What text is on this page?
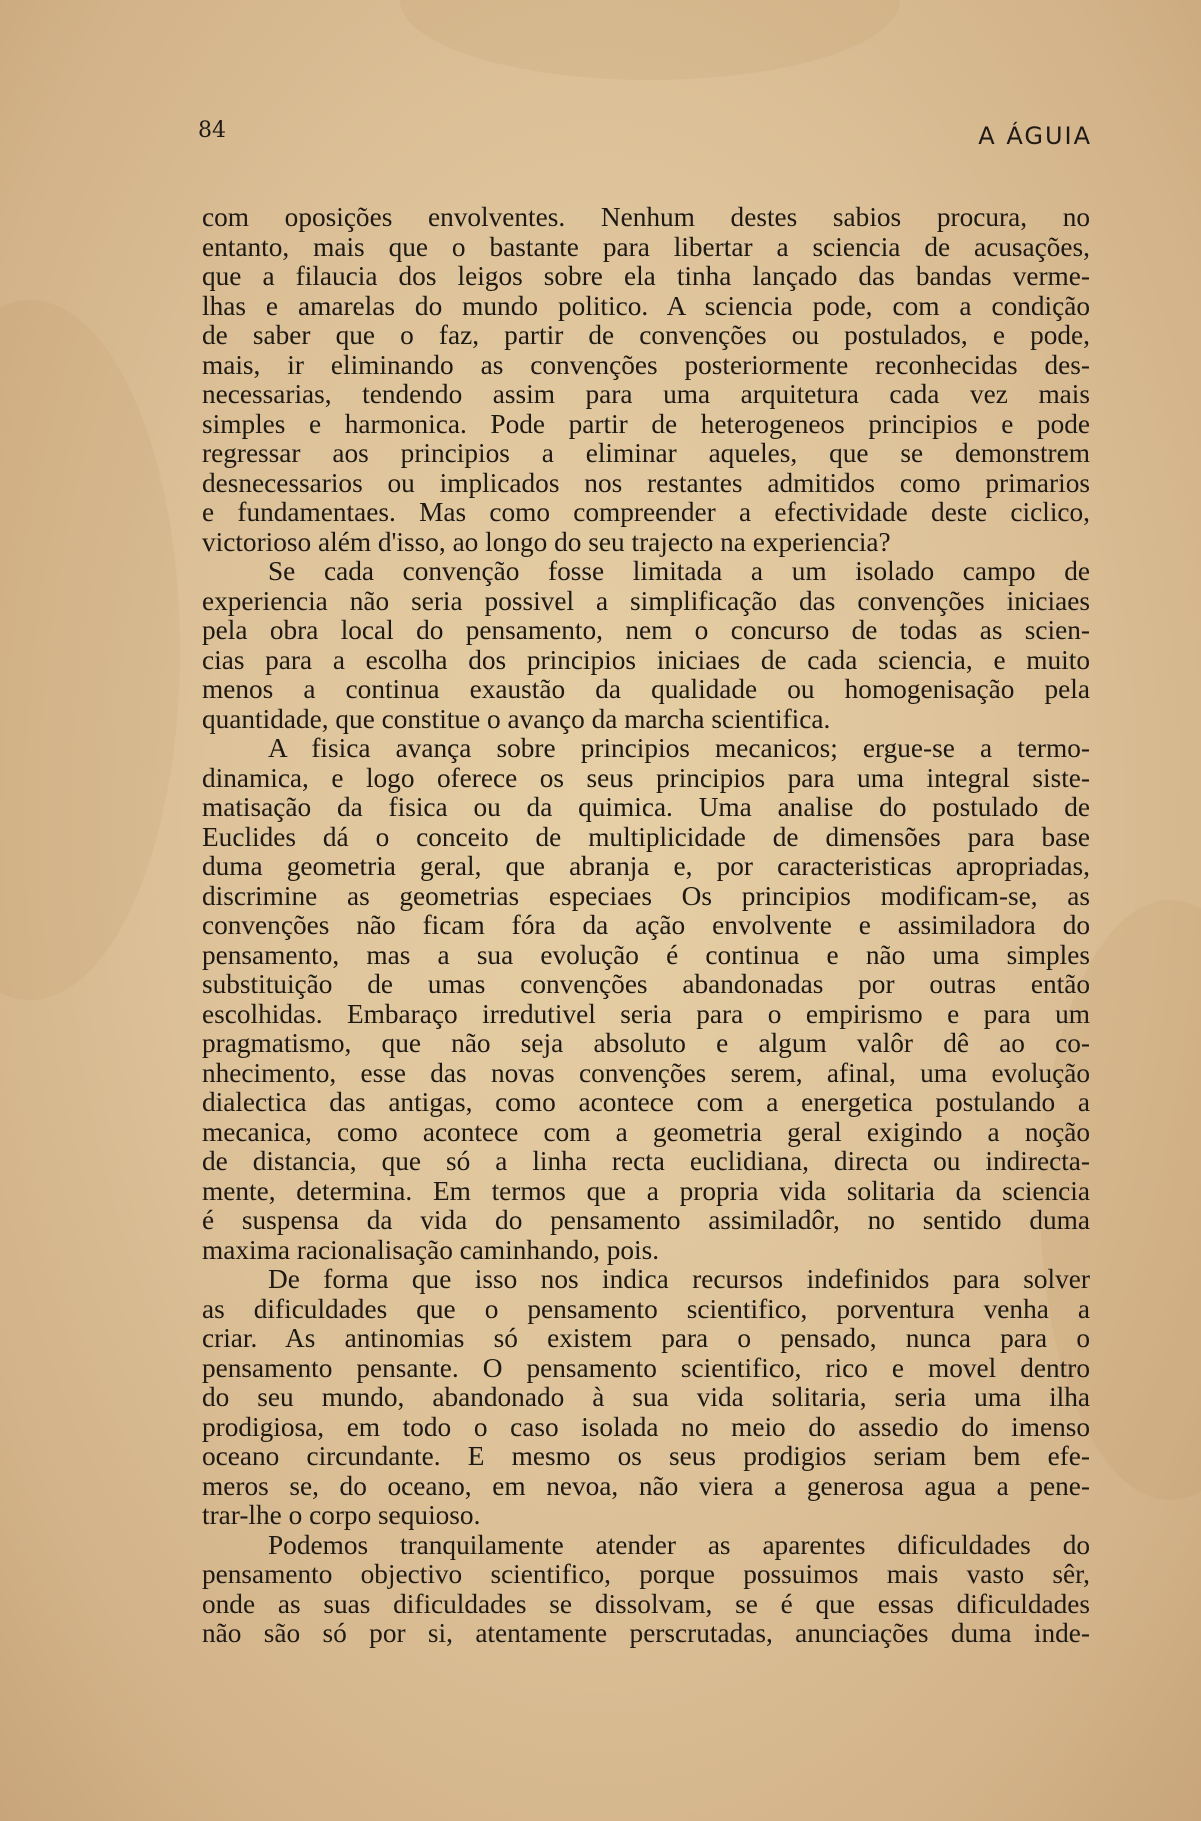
84	A ÁGUIA
com oposições envolventes. Nenhum destes sabios procura, no
entanto, mais que o bastante para libertar a sciencia de acusações,
que a filaucia dos leigos sobre ela tinha lançado das bandas verme-
lhas e amarelas do mundo politico. A sciencia pode, com a condição
de saber que o faz, partir de convenções ou postulados, e pode,
mais, ir eliminando as convenções posteriormente reconhecidas des-
necessarias, tendendo assim para uma arquitetura cada vez mais
simples e harmonica. Pode partir de heterogeneos principios e pode
regressar aos principios a eliminar aqueles, que se demonstrem
desnecessarios ou implicados nos restantes admitidos como primarios
e fundamentaes. Mas como compreender a efectividade deste ciclico,
victorioso além d'isso, ao longo do seu trajecto na experiencia?
Se cada convenção fosse limitada a um isolado campo de
experiencia não seria possivel a simplificação das convenções iniciaes
pela obra local do pensamento, nem o concurso de todas as scien-
cias para a escolha dos principios iniciaes de cada sciencia, e muito
menos a continua exaustão da qualidade ou homogenisação pela
quantidade, que constitue o avanço da marcha scientifica.
A fisica avança sobre principios mecanicos; ergue-se a termo-
dinamica, e logo oferece os seus principios para uma integral siste-
matisação da fisica ou da quimica. Uma analise do postulado de
Euclides dá o conceito de multiplicidade de dimensões para base
duma geometria geral, que abranja e, por caracteristicas apropriadas,
discrimine as geometrias especiaes Os principios modificam-se, as
convenções não ficam fóra da ação envolvente e assimiladora do
pensamento, mas a sua evolução é continua e não uma simples
substituição de umas convenções abandonadas por outras então
escolhidas. Embaraço irredutivel seria para o empirismo e para um
pragmatismo, que não seja absoluto e algum valôr dê ao co-
nhecimento, esse das novas convenções serem, afinal, uma evolução
dialectica das antigas, como acontece com a energetica postulando a
mecanica, como acontece com a geometria geral exigindo a noção
de distancia, que só a linha recta euclidiana, directa ou indirecta-
mente, determina. Em termos que a propria vida solitaria da sciencia
é suspensa da vida do pensamento assimiladôr, no sentido duma
maxima racionalisação caminhando, pois.
De forma que isso nos indica recursos indefinidos para solver
as dificuldades que o pensamento scientifico, porventura venha a
criar. As antinomias só existem para o pensado, nunca para o
pensamento pensante. O pensamento scientifico, rico e movel dentro
do seu mundo, abandonado à sua vida solitaria, seria uma ilha
prodigiosa, em todo o caso isolada no meio do assedio do imenso
oceano circundante. E mesmo os seus prodigios seriam bem efe-
meros se, do oceano, em nevoa, não viera a generosa agua a pene-
trar-lhe o corpo sequioso.
Podemos tranquilamente atender as aparentes dificuldades do
pensamento objectivo scientifico, porque possuimos mais vasto sêr,
onde as suas dificuldades se dissolvam, se é que essas dificuldades
não são só por si, atentamente perscrutadas, anunciações duma inde-
